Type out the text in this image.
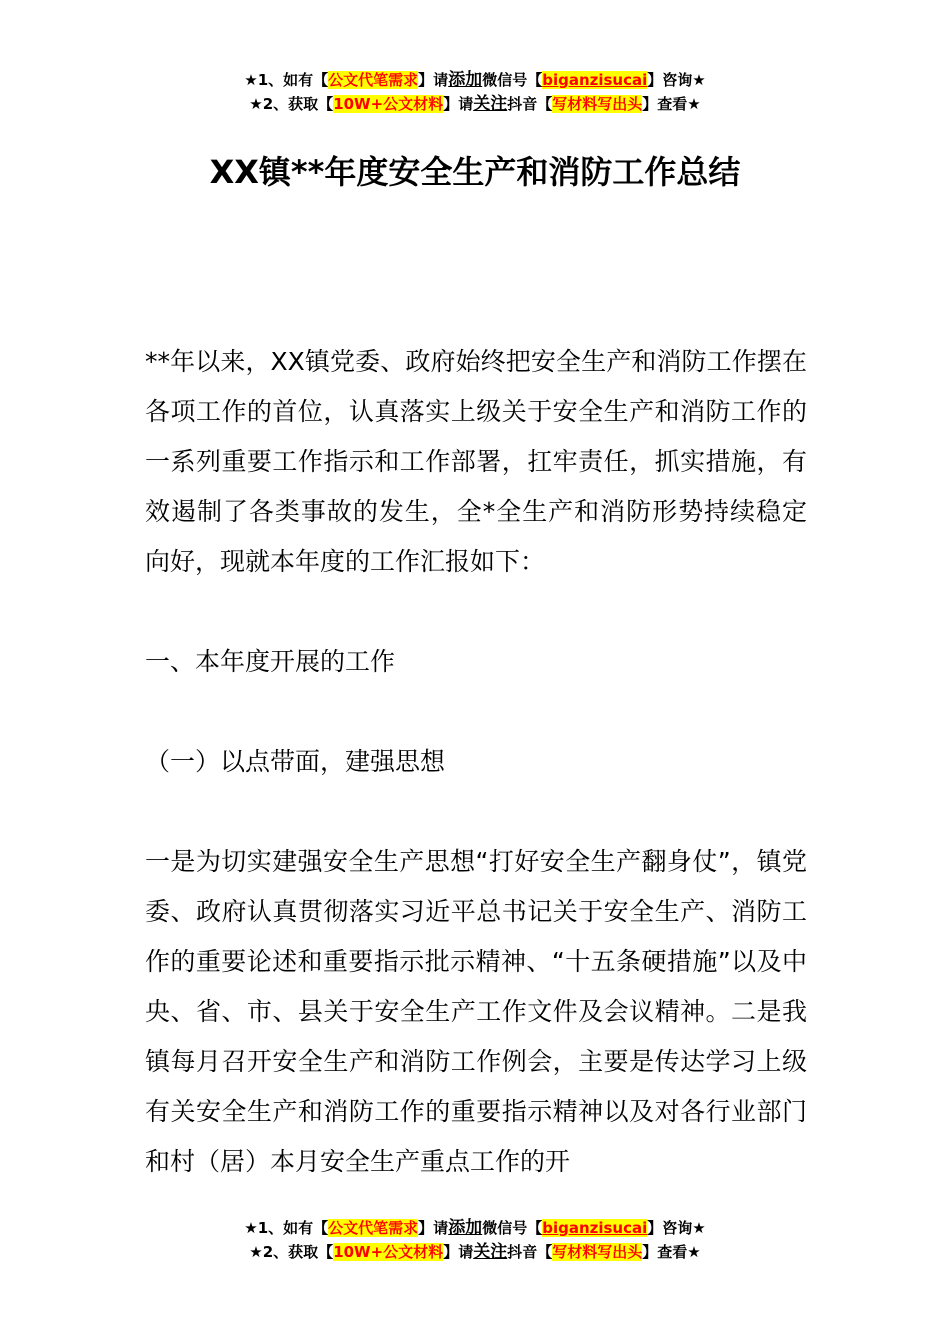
★1、如有【公文代笔需求】请添加微信号【biganzisucai】咨询★
★2、获取【10W+公文材料】请关注抖音【写材料写出头】查看★
XX镇**年度安全生产和消防工作总结

**年以来，XX镇党委、政府始终把安全生产和消防工作摆在各项工作的首位，认真落实上级关于安全生产和消防工作的一系列重要工作指示和工作部署，扛牢责任，抓实措施，有效遏制了各类事故的发生，全*全生产和消防形势持续稳定向好，现就本年度的工作汇报如下：

一、本年度开展的工作

（一）以点带面，建强思想

一是为切实建强安全生产思想“打好安全生产翻身仗”，镇党委、政府认真贯彻落实习近平总书记关于安全生产、消防工作的重要论述和重要指示批示精神、“十五条硬措施”以及中央、省、市、县关于安全生产工作文件及会议精神。二是我镇每月召开安全生产和消防工作例会，主要是传达学习上级有关安全生产和消防工作的重要指示精神以及对各行业部门和村（居）本月安全生产重点工作的开

★1、如有【公文代笔需求】请添加微信号【biganzisucai】咨询★
★2、获取【10W+公文材料】请关注抖音【写材料写出头】查看★
